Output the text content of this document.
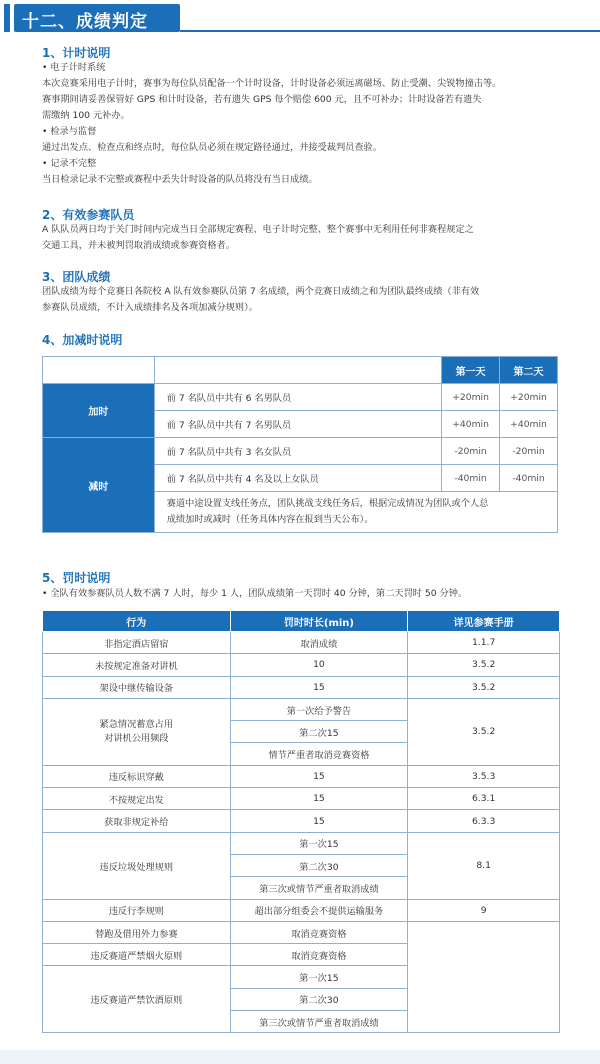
十二、成绩判定
1、计时说明
• 电子计时系统
本次竞赛采用电子计时，赛事为每位队员配备一个计时设备，计时设备必须远离磁场、防止受潮、尖锐物撞击等。
赛事期间请妥善保管好 GPS 和计时设备，若有遗失 GPS 每个赔偿 600 元，且不可补办；计时设备若有遗失
需缴纳 100 元补办。
• 检录与监督
通过出发点、检查点和终点时，每位队员必须在规定路径通过，并接受裁判员查验。
• 记录不完整
当日检录记录不完整或赛程中丢失计时设备的队员将没有当日成绩。
2、有效参赛队员
A 队队员两日均于关门时间内完成当日全部规定赛程、电子计时完整、整个赛事中无利用任何非赛程规定之
交通工具，并未被判罚取消成绩或参赛资格者。
3、团队成绩
团队成绩为每个竞赛日各院校 A 队有效参赛队员第 7 名成绩，两个竞赛日成绩之和为团队最终成绩（非有效
参赛队员成绩，不计入成绩排名及各项加减分规则）。
4、加减时说明
		第一天	第二天
加时	前 7 名队员中共有 6 名男队员	+20min	+20min
	前 7 名队员中共有 7 名男队员	+40min	+40min
减时	前 7 名队员中共有 3 名女队员	-20min	-20min
	前 7 名队员中共有 4 名及以上女队员	-40min	-40min

	赛道中途设置支线任务点，团队挑战支线任务后，根据完成情况为团队或个人总
成绩加时或减时（任务具体内容在报到当天公布）。		
5、罚时说明
• 全队有效参赛队员人数不满 7 人时，每少 1 人，团队成绩第一天罚时 40 分钟，第二天罚时 50 分钟。
行为	罚时时长(min)	详见参赛手册
非指定酒店留宿	取消成绩	1.1.7
未按规定准备对讲机	10	3.5.2
架设中继传输设备	15	3.5.2

紧急情况蓄意占用
对讲机公用频段	第一次给予警告	3.5.2
	第二次15	
	情节严重者取消竞赛资格	
违反标识穿戴	15	3.5.3
不按规定出发	15	6.3.1
获取非规定补给	15	6.3.3
违反垃圾处理规则	第一次15	8.1
	第二次30	
	第三次或情节严重者取消成绩	
违反行李规则	超出部分组委会不提供运输服务	9
替跑及借用外力参赛	取消竞赛资格	
违反赛道严禁烟火原则	取消竞赛资格	
违反赛道严禁饮酒原则	第一次15	
	第二次30	
	第三次或情节严重者取消成绩	
